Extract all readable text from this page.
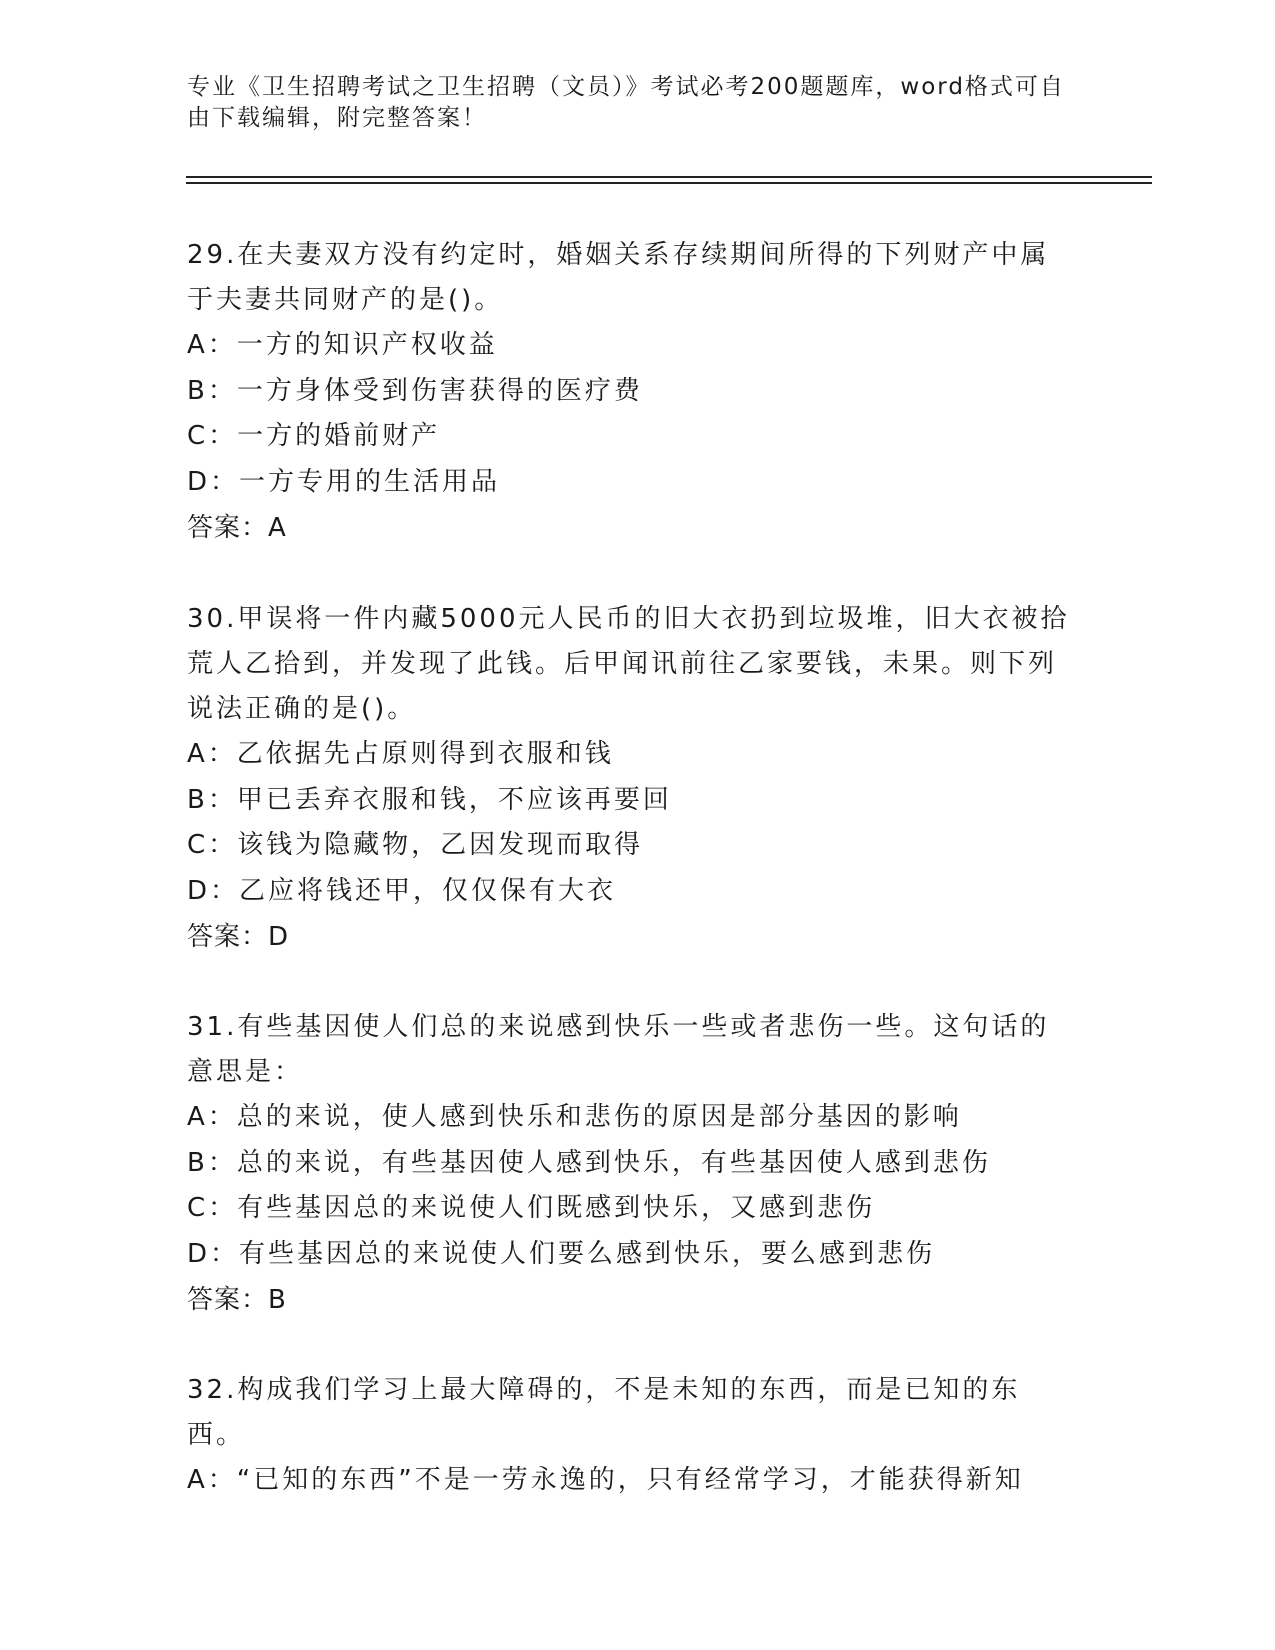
专业《卫生招聘考试之卫生招聘（文员）》考试必考200题题库，word格式可自由下载编辑，附完整答案！

29.在夫妻双方没有约定时，婚姻关系存续期间所得的下列财产中属于夫妻共同财产的是()。

A：一方的知识产权收益

B：一方身体受到伤害获得的医疗费

C：一方的婚前财产

D：一方专用的生活用品

答案：A

30.甲误将一件内藏5000元人民币的旧大衣扔到垃圾堆，旧大衣被拾荒人乙拾到，并发现了此钱。后甲闻讯前往乙家要钱，未果。则下列说法正确的是()。

A：乙依据先占原则得到衣服和钱

B：甲已丢弃衣服和钱，不应该再要回

C：该钱为隐藏物，乙因发现而取得

D：乙应将钱还甲，仅仅保有大衣

答案：D

31.有些基因使人们总的来说感到快乐一些或者悲伤一些。这句话的意思是：

A：总的来说，使人感到快乐和悲伤的原因是部分基因的影响

B：总的来说，有些基因使人感到快乐，有些基因使人感到悲伤

C：有些基因总的来说使人们既感到快乐，又感到悲伤

D：有些基因总的来说使人们要么感到快乐，要么感到悲伤

答案：B

32.构成我们学习上最大障碍的，不是未知的东西，而是已知的东西。

A：“已知的东西”不是一劳永逸的，只有经常学习，才能获得新知
